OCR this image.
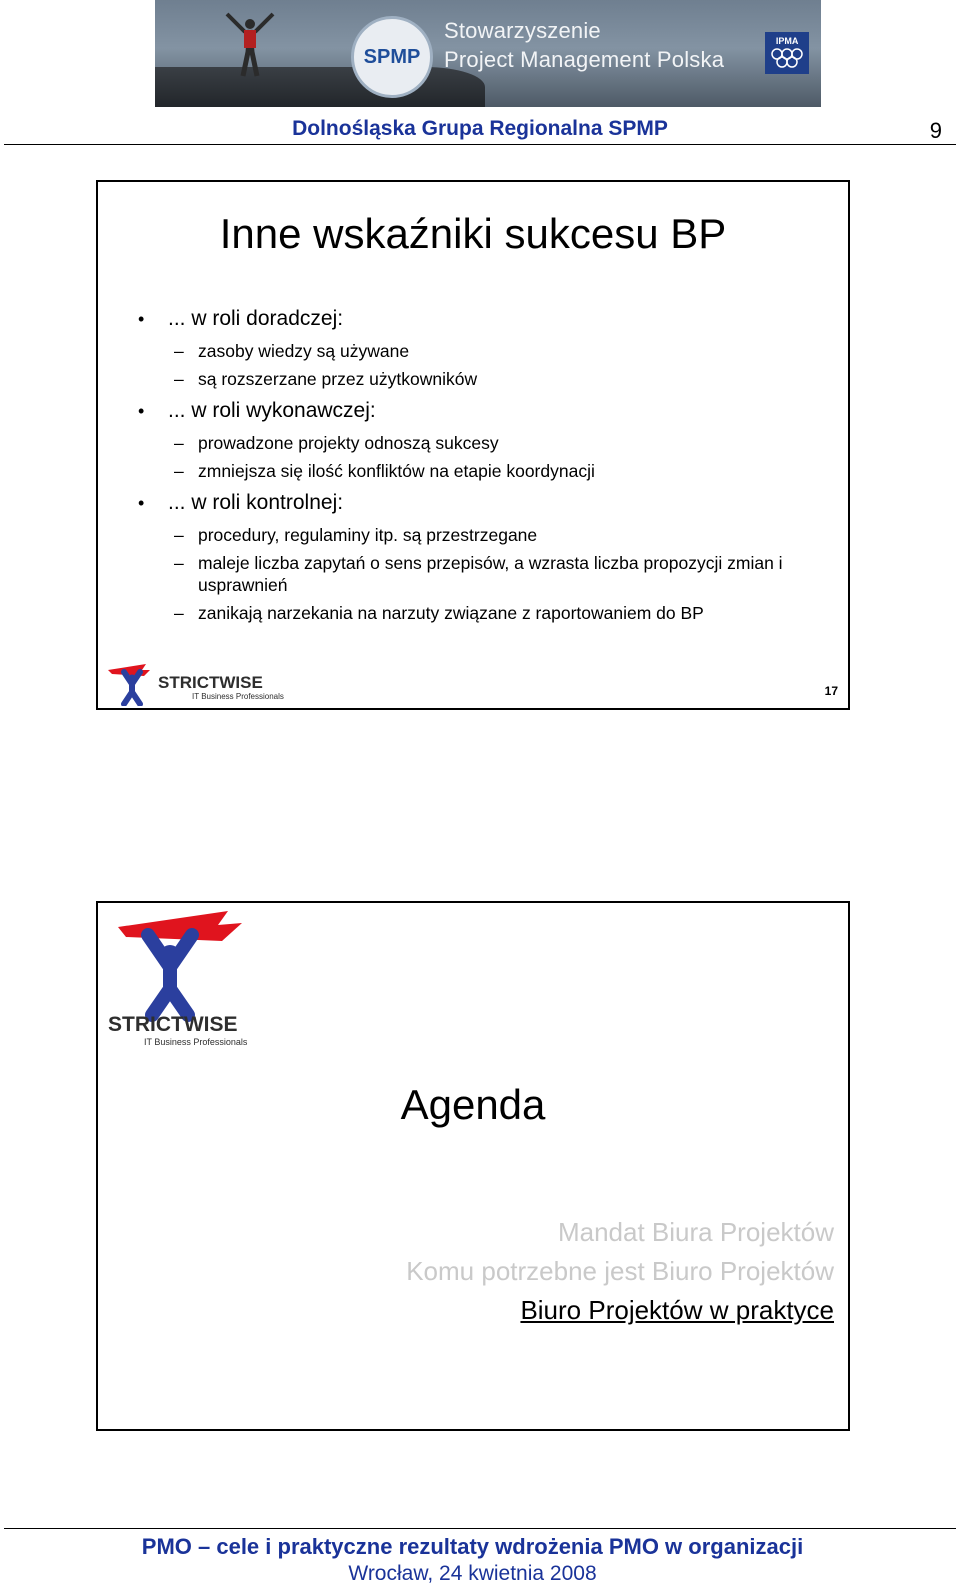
SPMP
Stowarzyszenie
Project Management Polska
IPMA
Dolnośląska Grupa Regionalna SPMP	9
Inne wskaźniki sukcesu BP
• ... w roli doradczej:
– zasoby wiedzy są używane
– są rozszerzane przez użytkowników
• ... w roli wykonawczej:
– prowadzone projekty odnoszą sukcesy
– zmniejsza się ilość konfliktów na etapie koordynacji
• ... w roli kontrolnej:
– procedury, regulaminy itp. są przestrzegane
– maleje liczba zapytań o sens przepisów, a wzrasta liczba propozycji zmian i usprawnień
– zanikają narzekania na narzuty związane z raportowaniem do BP
STRICTWISE
IT Business Professionals	17
STRICTWISE
IT Business Professionals
Agenda
Mandat Biura Projektów
Komu potrzebne jest Biuro Projektów
Biuro Projektów w praktyce
PMO – cele i praktyczne rezultaty wdrożenia PMO w organizacji
Wrocław, 24 kwietnia 2008
